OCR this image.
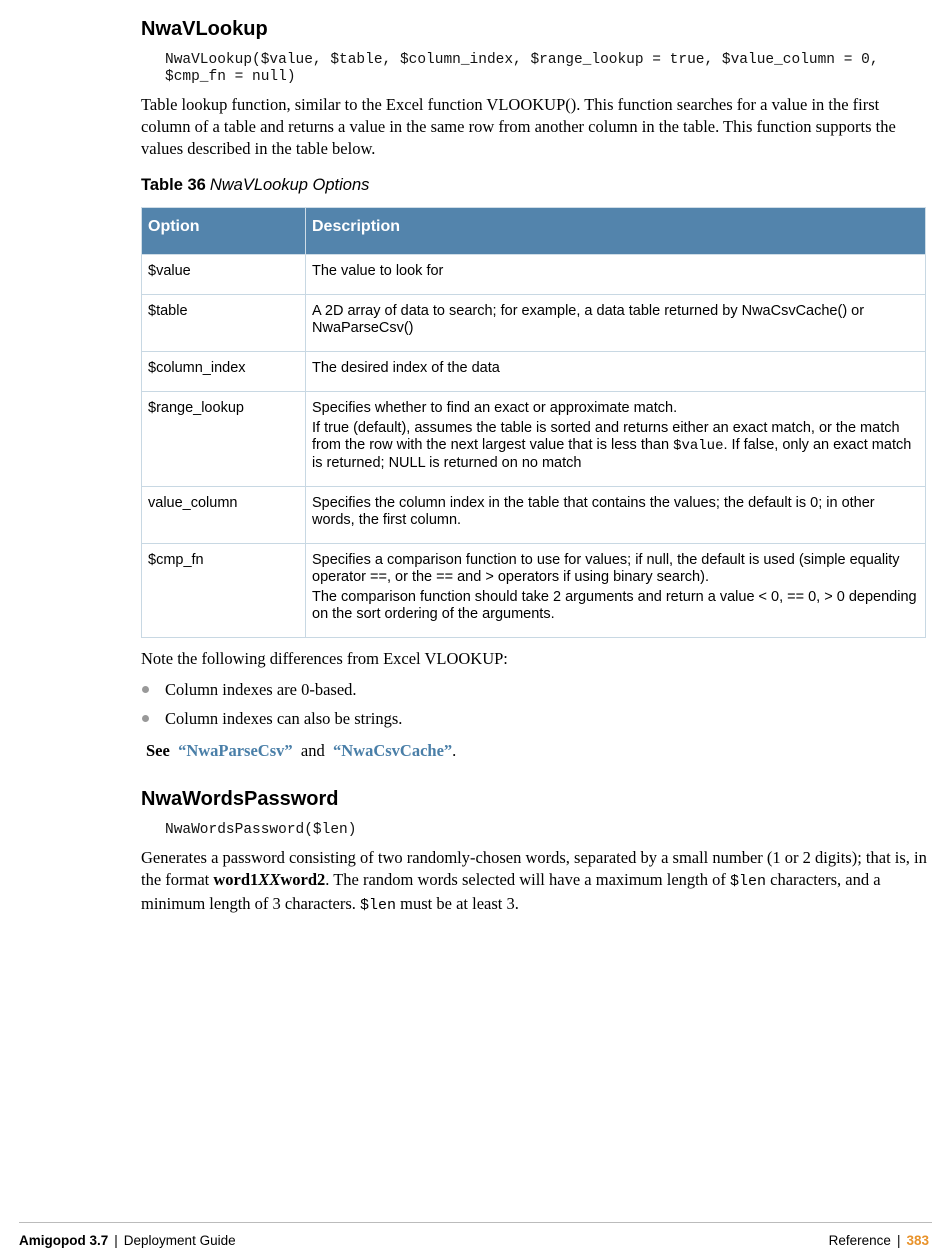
NwaVLookup
NwaVLookup($value, $table, $column_index, $range_lookup = true, $value_column = 0,
$cmp_fn = null)
Table lookup function, similar to the Excel function VLOOKUP(). This function searches for a value in the first column of a table and returns a value in the same row from another column in the table. This function supports the values described in the table below.
Table 36 NwaVLookup Options
Option	Description
$value	The value to look for
$table	A 2D array of data to search; for example, a data table returned by NwaCsvCache() or NwaParseCsv()
$column_index	The desired index of the data
$range_lookup	Specifies whether to find an exact or approximate match.

If true (default), assumes the table is sorted and returns either an exact match, or the match from the row with the next largest value that is less than $value. If false, only an exact match is returned; NULL is returned on no match

value_column	Specifies the column index in the table that contains the values; the default is 0; in other words, the first column.
$cmp_fn	Specifies a comparison function to use for values; if null, the default is used (simple equality operator ==, or the == and > operators if using binary search).

The comparison function should take 2 arguments and return a value < 0, == 0, > 0 depending on the sort ordering of the arguments.

Note the following differences from Excel VLOOKUP:
Column indexes are 0-based.
Column indexes can also be strings.
See “NwaParseCsv” and “NwaCsvCache”.
NwaWordsPassword
NwaWordsPassword($len)
Generates a password consisting of two randomly-chosen words, separated by a small number (1 or 2 digits); that is, in the format word1XXword2. The random words selected will have a maximum length of $len characters, and a minimum length of 3 characters. $len must be at least 3.
Amigopod 3.7 | Deployment Guide	Reference | 383
